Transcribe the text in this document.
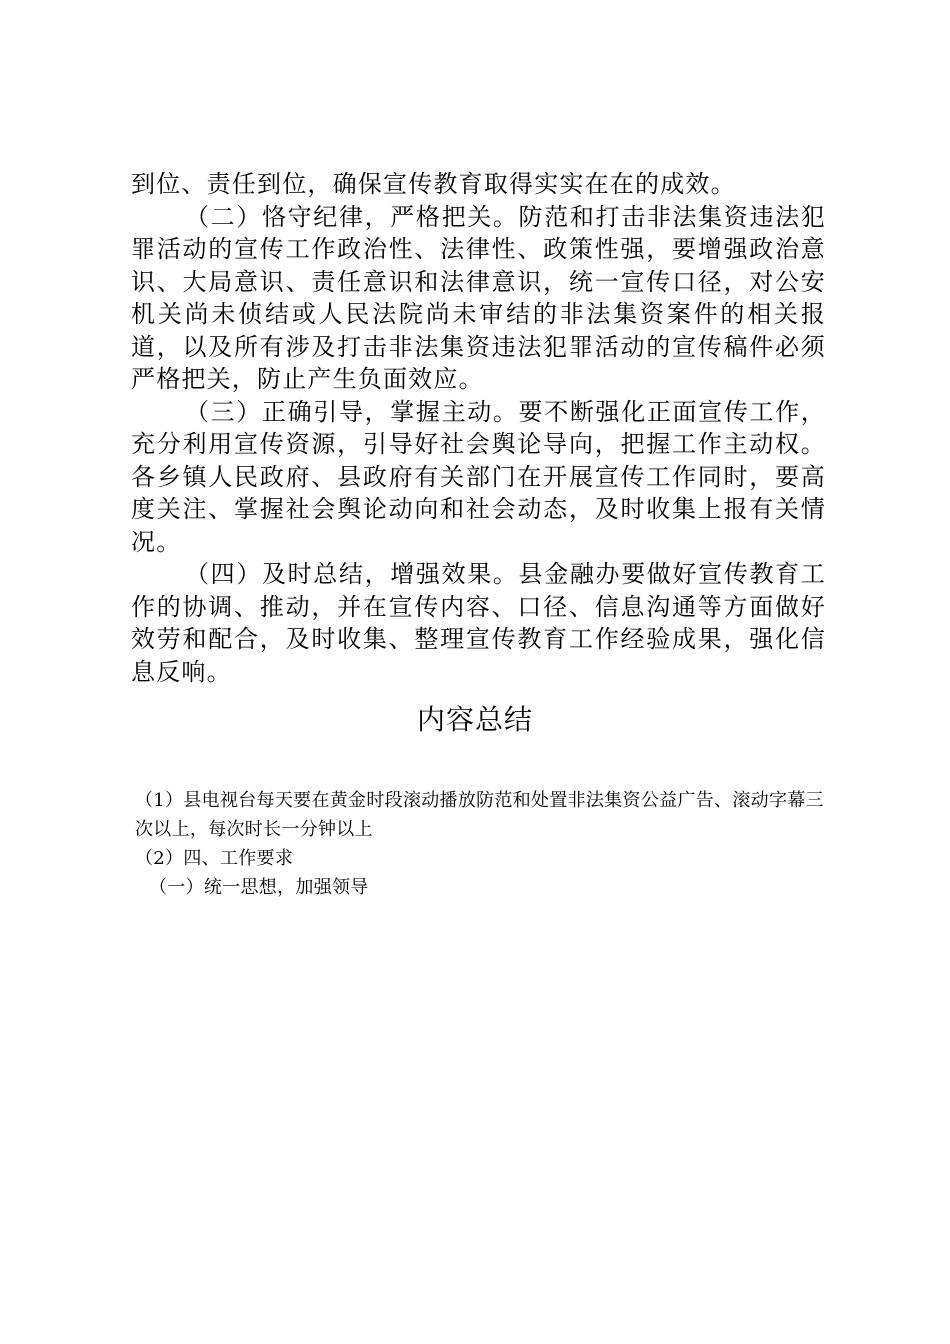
到位、责任到位，确保宣传教育取得实实在在的成效。

（二）恪守纪律，严格把关。防范和打击非法集资违法犯罪活动的宣传工作政治性、法律性、政策性强，要增强政治意识、大局意识、责任意识和法律意识，统一宣传口径，对公安机关尚未侦结或人民法院尚未审结的非法集资案件的相关报道，以及所有涉及打击非法集资违法犯罪活动的宣传稿件必须严格把关，防止产生负面效应。

（三）正确引导，掌握主动。要不断强化正面宣传工作，充分利用宣传资源，引导好社会舆论导向，把握工作主动权。各乡镇人民政府、县政府有关部门在开展宣传工作同时，要高度关注、掌握社会舆论动向和社会动态，及时收集上报有关情况。

（四）及时总结，增强效果。县金融办要做好宣传教育工作的协调、推动，并在宣传内容、口径、信息沟通等方面做好效劳和配合，及时收集、整理宣传教育工作经验成果，强化信息反响。

内容总结

（1）县电视台每天要在黄金时段滚动播放防范和处置非法集资公益广告、滚动字幕三次以上，每次时长一分钟以上

（2）四、工作要求

（一）统一思想，加强领导
